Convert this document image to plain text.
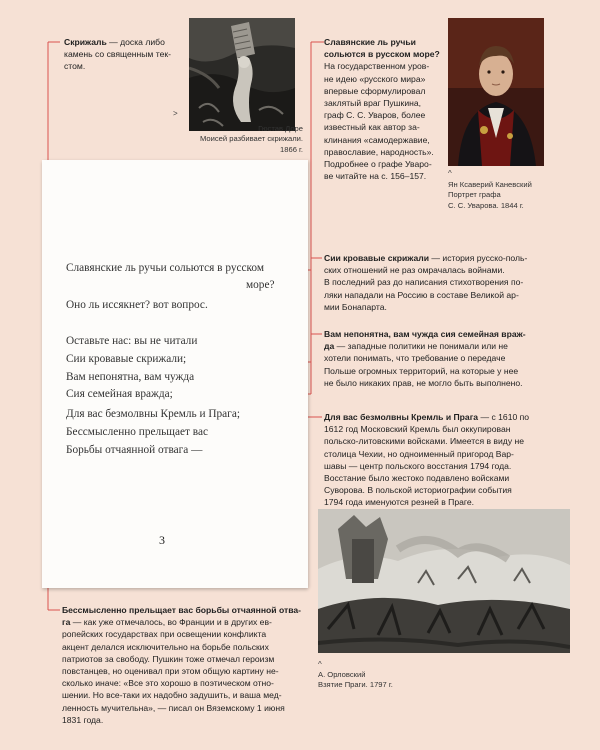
Скрижаль — доска либо
камень со священным тек-
стом.
>
Гюстав Доре
Моисей разбивает скрижали.
1866 г.
Славянские ль ручьи
сольются в русском море?
На государственном уров-
не идею «русского мира»
впервые сформулировал
заклятый враг Пушкина,
граф С. С. Уваров, более
известный как автор за-
клинания «самодержавие,
православие, народность».
Подробнее о графе Уваро-
ве читайте на с. 156–157.	^
Ян Ксаверий Каневский
Портрет графа
С. С. Уварова. 1844 г.
Славянские ль ручьи сольются в русском
море?
Оно ль иссякнет? вот вопрос.
Оставьте нас: вы не читали
Сии кровавые скрижали;
Вам непонятна, вам чужда
Сия семейная вражда;
Для вас безмолвны Кремль и Прага;
Бессмысленно прельщает вас
Борьбы отчаянной отвага —
3
Сии кровавые скрижали — история русско-поль-
ских отношений не раз омрачалась войнами.
В последний раз до написания стихотворения по-
ляки нападали на Россию в составе Великой ар-
мии Бонапарта.
Вам непонятна, вам чужда сия семейная враж-
да — западные политики не понимали или не
хотели понимать, что требование о передаче
Польше огромных территорий, на которые у нее
не было никаких прав, не могло быть выполнено.
Для вас безмолвны Кремль и Прага — с 1610 по
1612 год Московский Кремль был оккупирован
польско-литовскими войсками. Имеется в виду не
столица Чехии, но одноименный пригород Вар-
шавы — центр польского восстания 1794 года.
Восстание было жестоко подавлено войсками
Суворова. В польской историографии события
1794 года именуются резней в Праге.
^
А. Орловский
Взятие Праги. 1797 г.
Бессмысленно прельщает вас борьбы отчаянной отва-
га — как уже отмечалось, во Франции и в других ев-
ропейских государствах при освещении конфликта
акцент делался исключительно на борьбе польских
патриотов за свободу. Пушкин тоже отмечал героизм
повстанцев, но оценивал при этом общую картину не-
сколько иначе: «Все это хорошо в поэтическом отно-
шении. Но все-таки их надобно задушить, и ваша мед-
ленность мучительна», — писал он Вяземскому 1 июня
1831 года.
